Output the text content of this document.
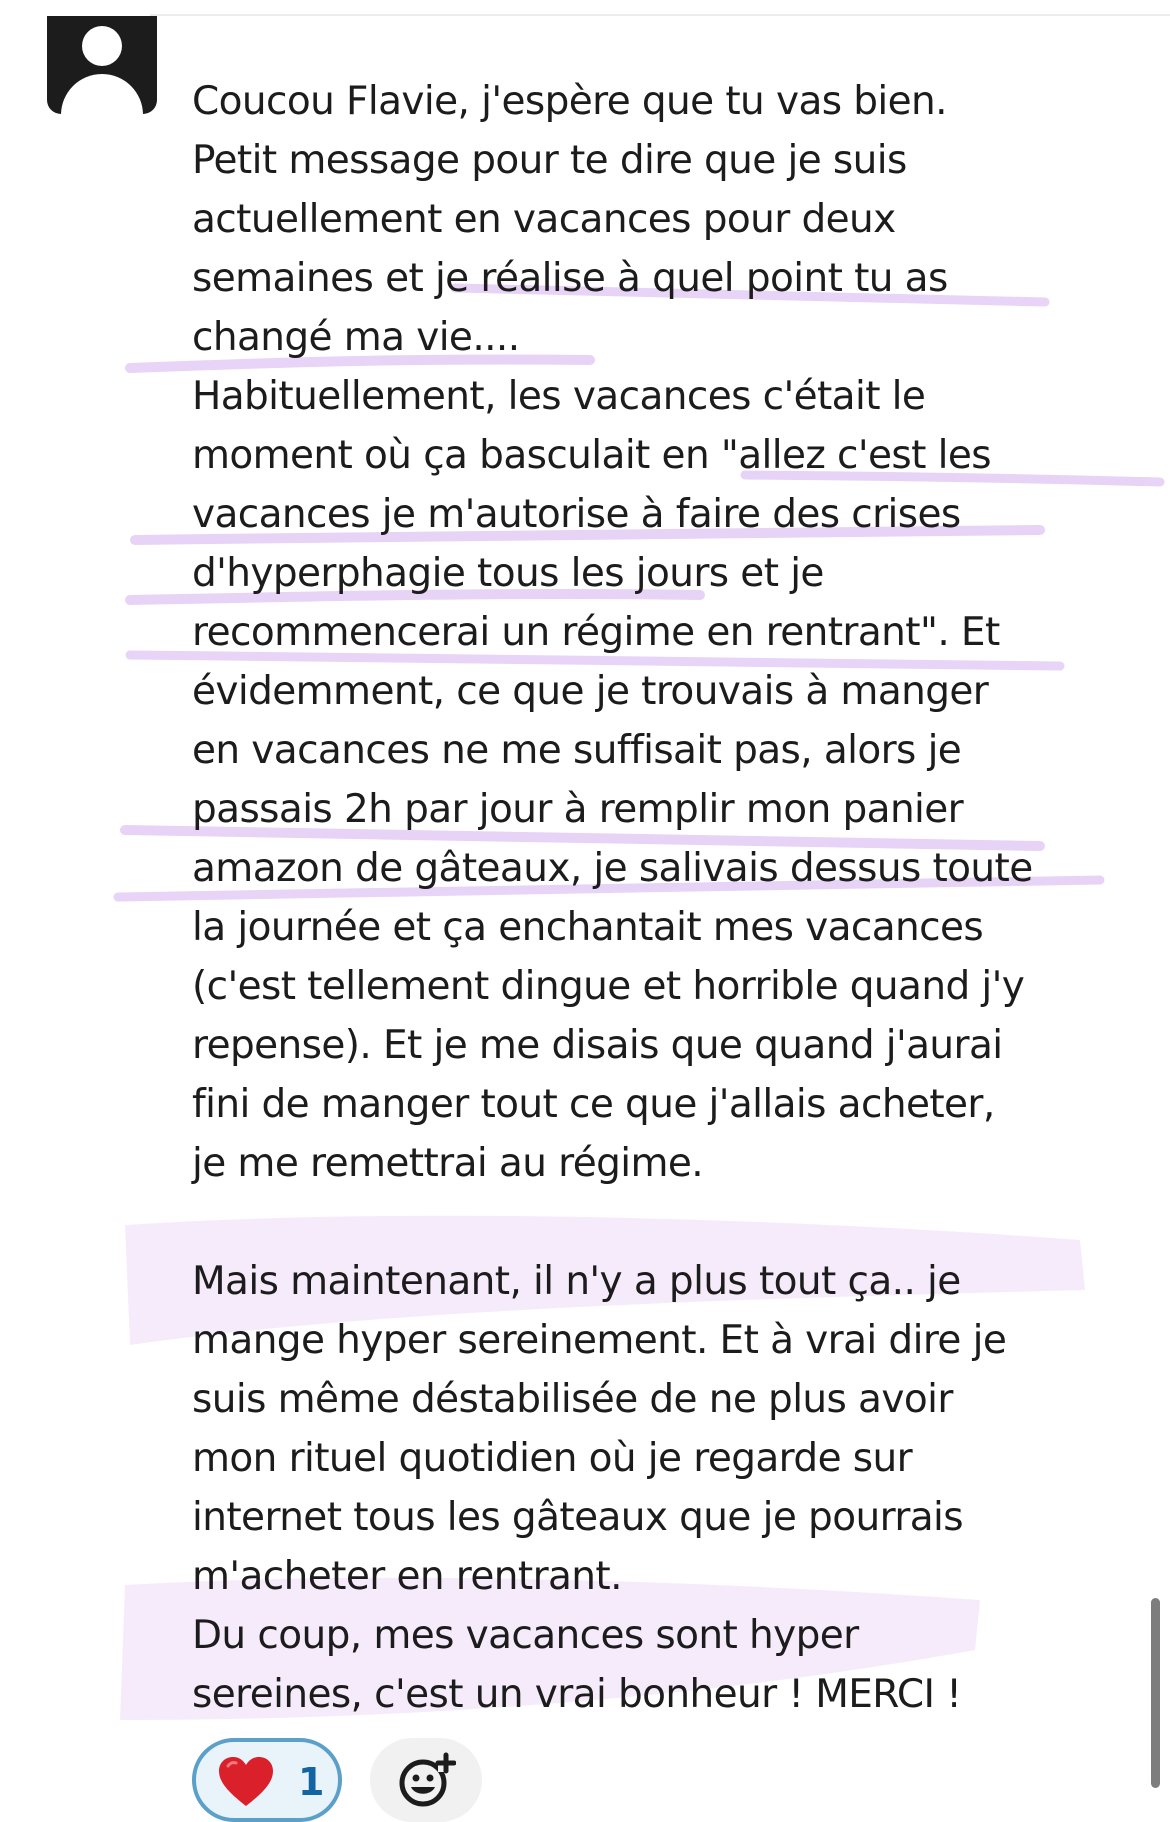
Coucou Flavie, j'espère que tu vas bien.
Petit message pour te dire que je suis
actuellement en vacances pour deux
semaines et je réalise à quel point tu as
changé ma vie....
Habituellement, les vacances c'était le
moment où ça basculait en "allez c'est les
vacances je m'autorise à faire des crises
d'hyperphagie tous les jours et je
recommencerai un régime en rentrant". Et
évidemment, ce que je trouvais à manger
en vacances ne me suffisait pas, alors je
passais 2h par jour à remplir mon panier
amazon de gâteaux, je salivais dessus toute
la journée et ça enchantait mes vacances
(c'est tellement dingue et horrible quand j'y
repense). Et je me disais que quand j'aurai
fini de manger tout ce que j'allais acheter,
je me remettrai au régime.
Mais maintenant, il n'y a plus tout ça.. je
mange hyper sereinement. Et à vrai dire je
suis même déstabilisée de ne plus avoir
mon rituel quotidien où je regarde sur
internet tous les gâteaux que je pourrais
m'acheter en rentrant.
Du coup, mes vacances sont hyper
sereines, c'est un vrai bonheur ! MERCI !
1
